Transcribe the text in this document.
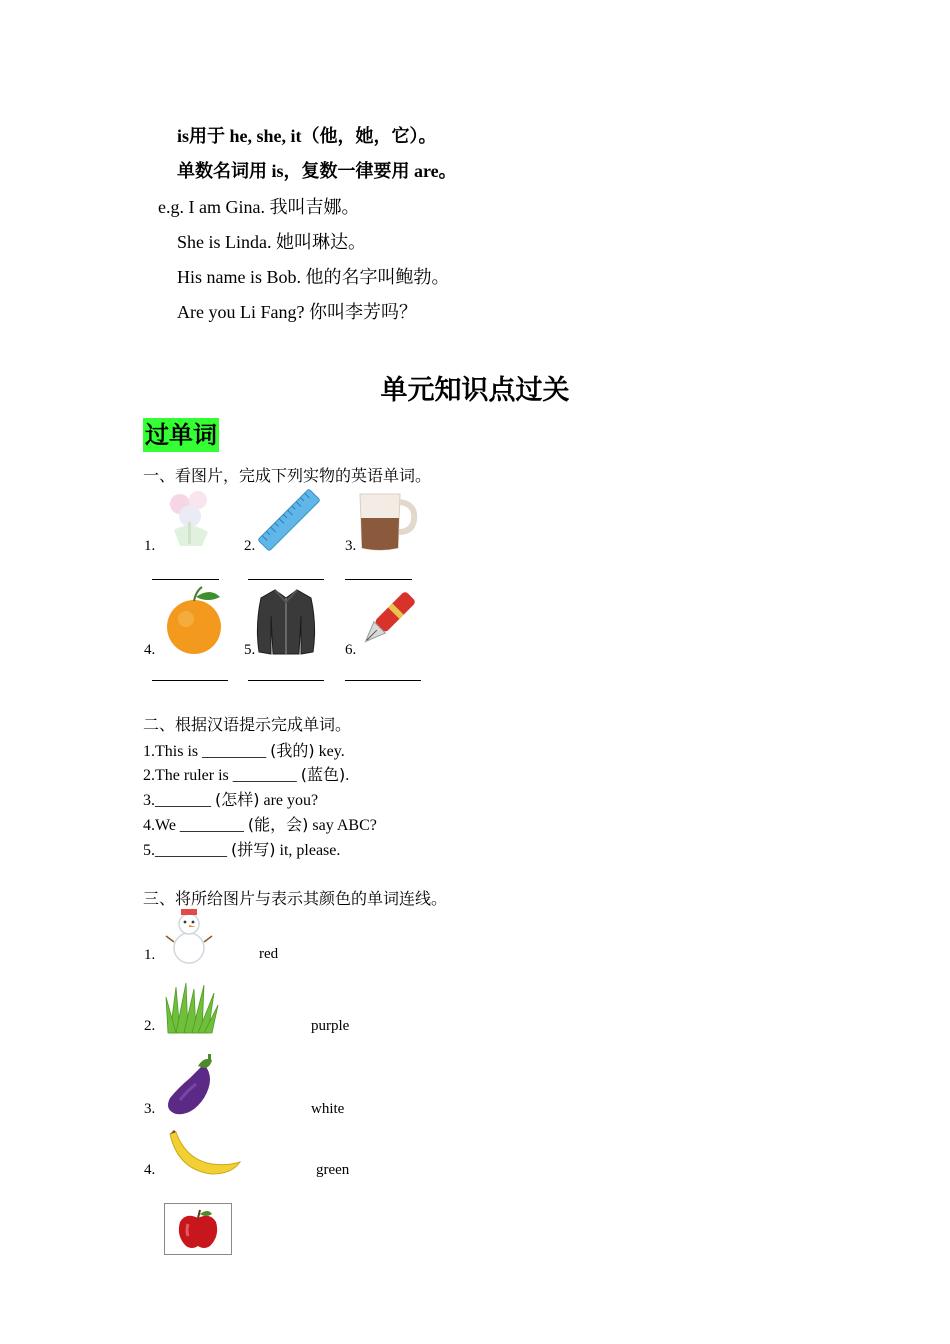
is用于 he, she, it（他，她，它）。
单数名词用 is，复数一律要用 are。
e.g. I am Gina. 我叫吉娜。
She is Linda. 她叫琳达。
His name is Bob. 他的名字叫鲍勃。
Are you Li Fang? 你叫李芳吗？
单元知识点过关
过单词
一、看图片，完成下列实物的英语单词。
1.	2.	3.
4.	5.	6.
二、根据汉语提示完成单词。
1.This is ________ (我的) key.
2.The ruler is ________ (蓝色).
3._______ (怎样) are you?
4.We ________ (能，会) say ABC?
5._________ (拼写) it, please.
三、将所给图片与表示其颜色的单词连线。
1.	red
2.	purple
3.	white
4.	green
